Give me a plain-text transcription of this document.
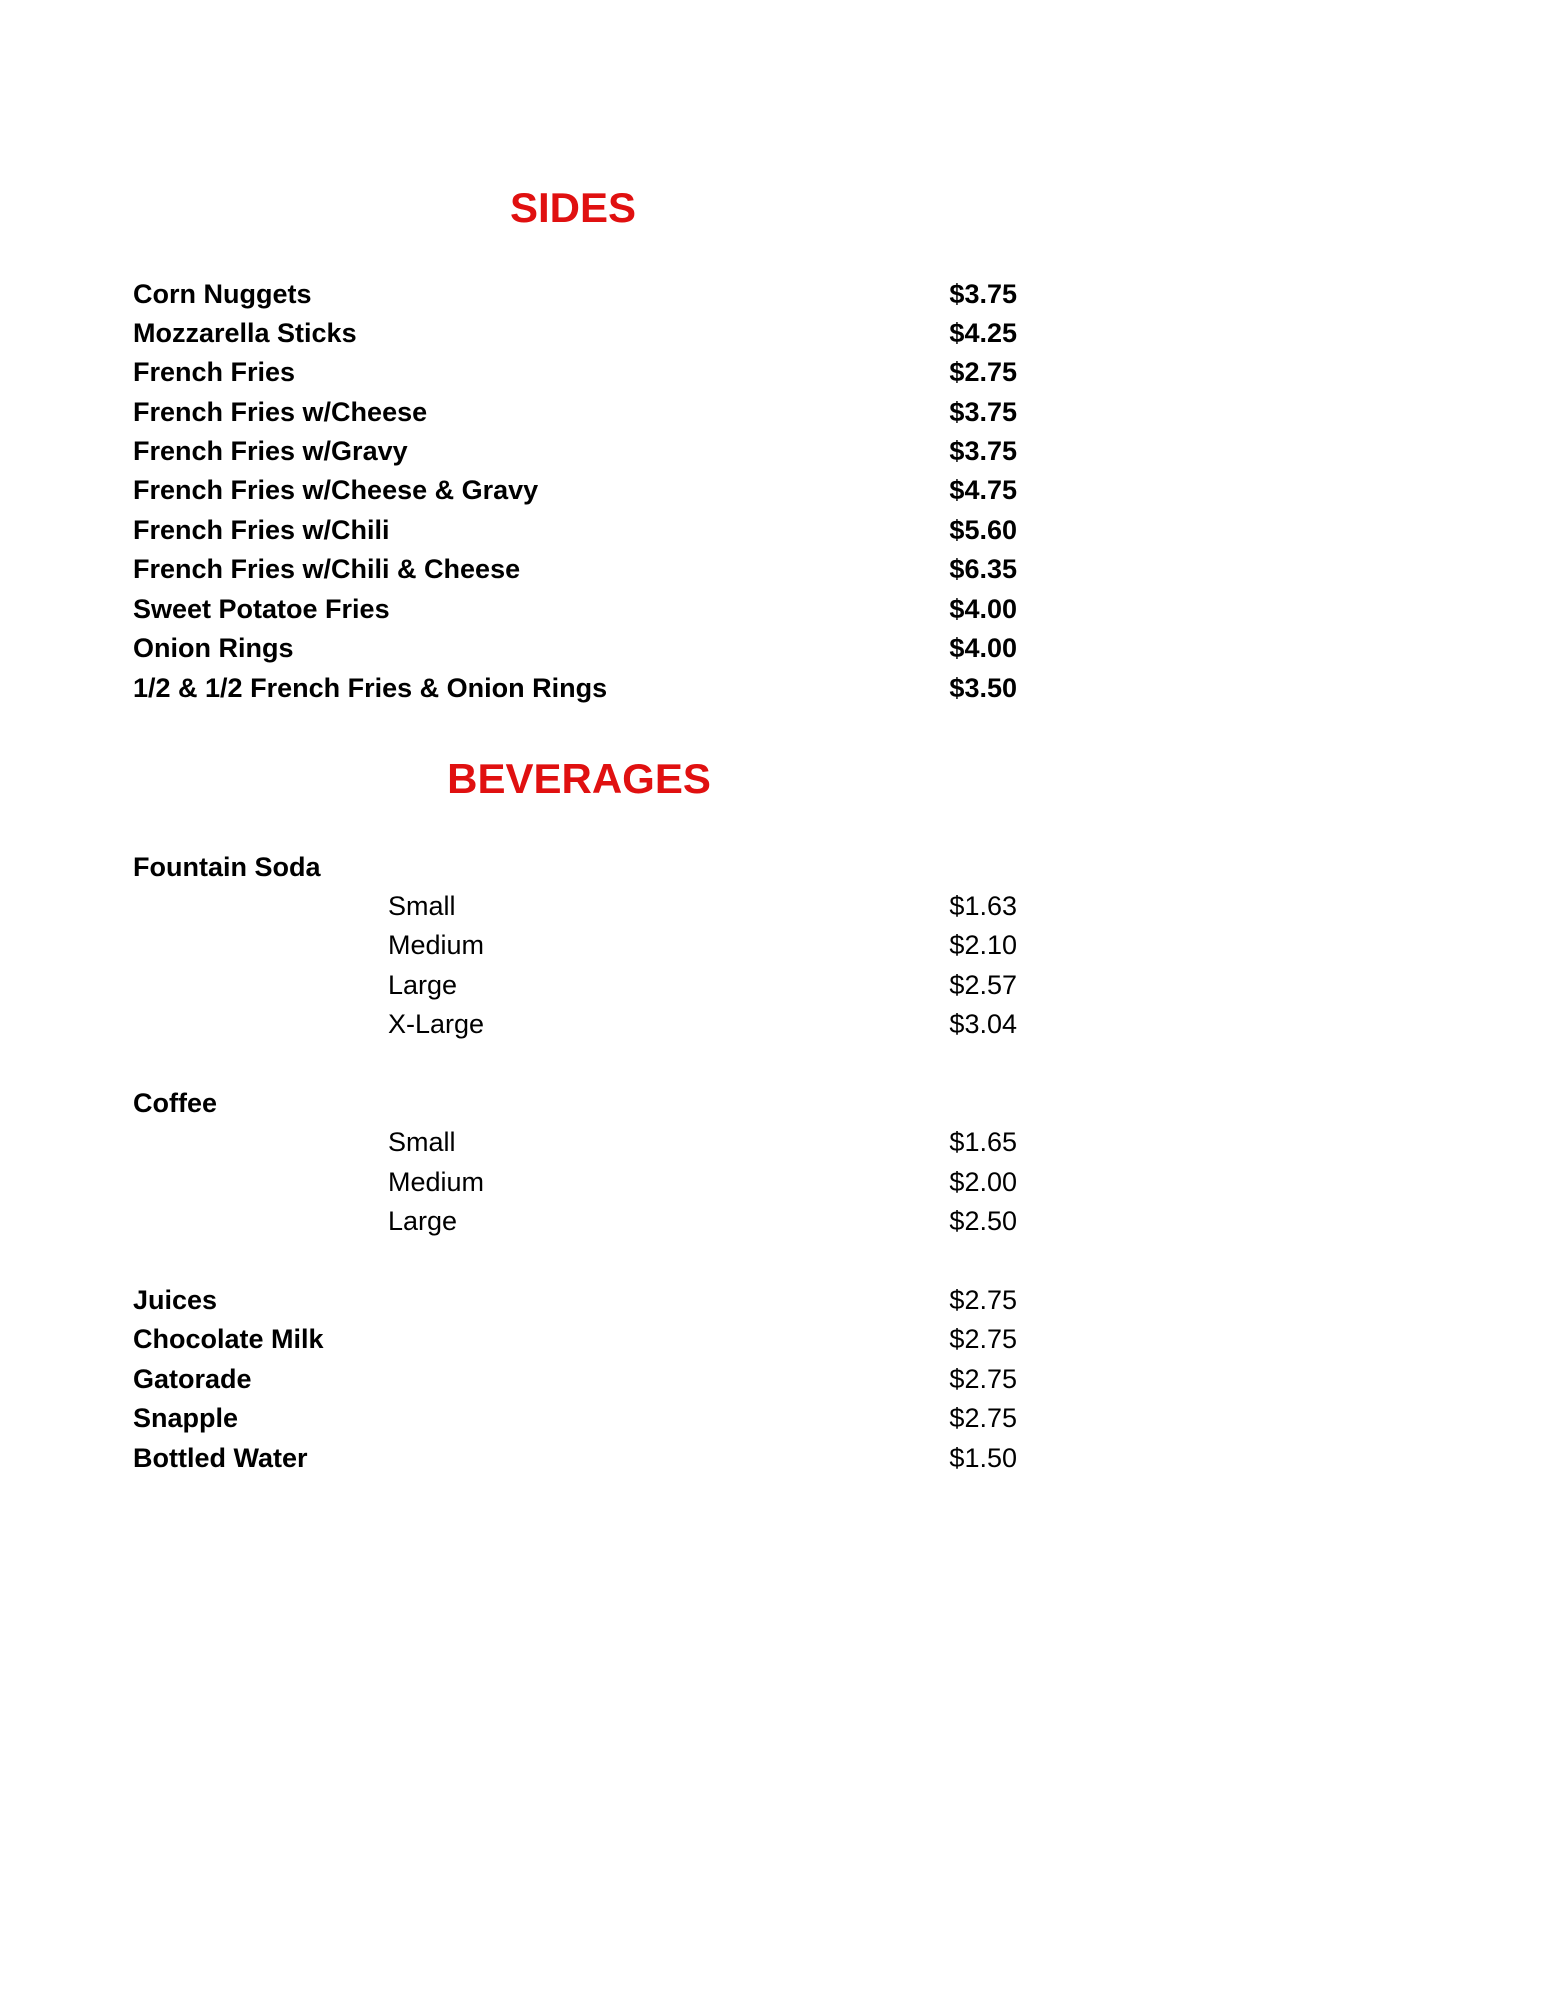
SIDES
Corn Nuggets	$3.75
Mozzarella Sticks	$4.25
French Fries	$2.75
French Fries w/Cheese	$3.75
French Fries w/Gravy	$3.75
French Fries w/Cheese & Gravy	$4.75
French Fries w/Chili	$5.60
French Fries w/Chili & Cheese	$6.35
Sweet Potatoe Fries	$4.00
Onion Rings	$4.00
1/2 & 1/2 French Fries & Onion Rings	$3.50
BEVERAGES
Fountain Soda
Small	$1.63
Medium	$2.10
Large	$2.57
X-Large	$3.04
Coffee
Small	$1.65
Medium	$2.00
Large	$2.50
Juices	$2.75
Chocolate Milk	$2.75
Gatorade	$2.75
Snapple	$2.75
Bottled Water	$1.50
